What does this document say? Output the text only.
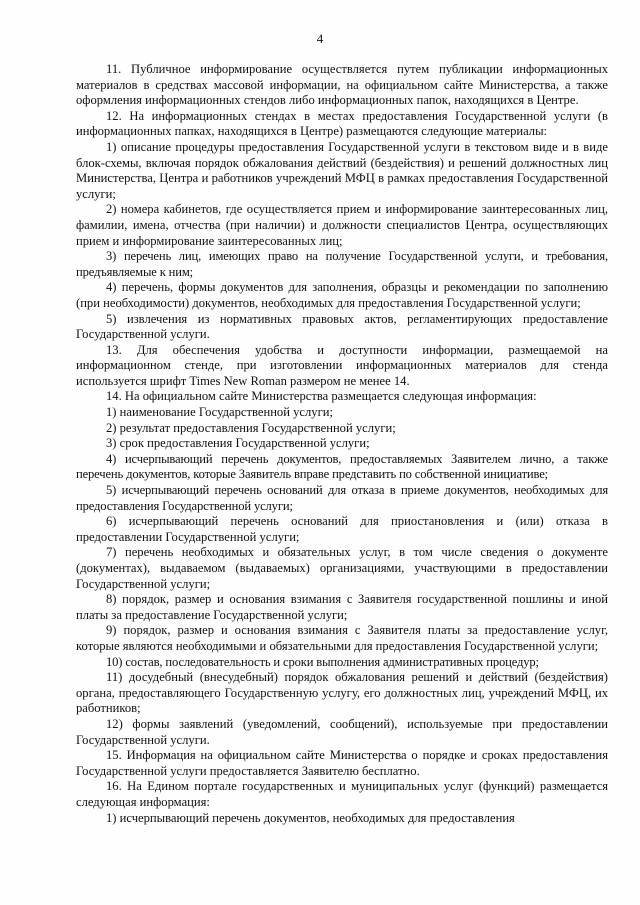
4

11. Публичное информирование осуществляется путем публикации информационных материалов в средствах массовой информации, на официальном сайте Министерства, а также оформления информационных стендов либо информационных папок, находящихся в Центре.

12. На информационных стендах в местах предоставления Государственной услуги (в информационных папках, находящихся в Центре) размещаются следующие материалы:

1) описание процедуры предоставления Государственной услуги в текстовом виде и в виде блок-схемы, включая порядок обжалования действий (бездействия) и решений должностных лиц Министерства, Центра и работников учреждений МФЦ в рамках предоставления Государственной услуги;

2) номера кабинетов, где осуществляется прием и информирование заинтересованных лиц, фамилии, имена, отчества (при наличии) и должности специалистов Центра, осуществляющих прием и информирование заинтересованных лиц;

3) перечень лиц, имеющих право на получение Государственной услуги, и требования, предъявляемые к ним;

4) перечень, формы документов для заполнения, образцы и рекомендации по заполнению (при необходимости) документов, необходимых для предоставления Государственной услуги;

5) извлечения из нормативных правовых актов, регламентирующих предоставление Государственной услуги.

13. Для обеспечения удобства и доступности информации, размещаемой на информационном стенде, при изготовлении информационных материалов для стенда используется шрифт Times New Roman размером не менее 14.

14. На официальном сайте Министерства размещается следующая информация:

1) наименование Государственной услуги;

2) результат предоставления Государственной услуги;

3) срок предоставления Государственной услуги;

4) исчерпывающий перечень документов, предоставляемых Заявителем лично, а также перечень документов, которые Заявитель вправе представить по собственной инициативе;

5) исчерпывающий перечень оснований для отказа в приеме документов, необходимых для предоставления Государственной услуги;

6) исчерпывающий перечень оснований для приостановления и (или) отказа в предоставлении Государственной услуги;

7) перечень необходимых и обязательных услуг, в том числе сведения о документе (документах), выдаваемом (выдаваемых) организациями, участвующими в предоставлении Государственной услуги;

8) порядок, размер и основания взимания с Заявителя государственной пошлины и иной платы за предоставление Государственной услуги;

9) порядок, размер и основания взимания с Заявителя платы за предоставление услуг, которые являются необходимыми и обязательными для предоставления Государственной услуги;

10) состав, последовательность и сроки выполнения административных процедур;

11) досудебный (внесудебный) порядок обжалования решений и действий (бездействия) органа, предоставляющего Государственную услугу, его должностных лиц, учреждений МФЦ, их работников;

12) формы заявлений (уведомлений, сообщений), используемые при предоставлении Государственной услуги.

15. Информация на официальном сайте Министерства о порядке и сроках предоставления Государственной услуги предоставляется Заявителю бесплатно.

16. На Едином портале государственных и муниципальных услуг (функций) размещается следующая информация:

1) исчерпывающий перечень документов, необходимых для предоставления
